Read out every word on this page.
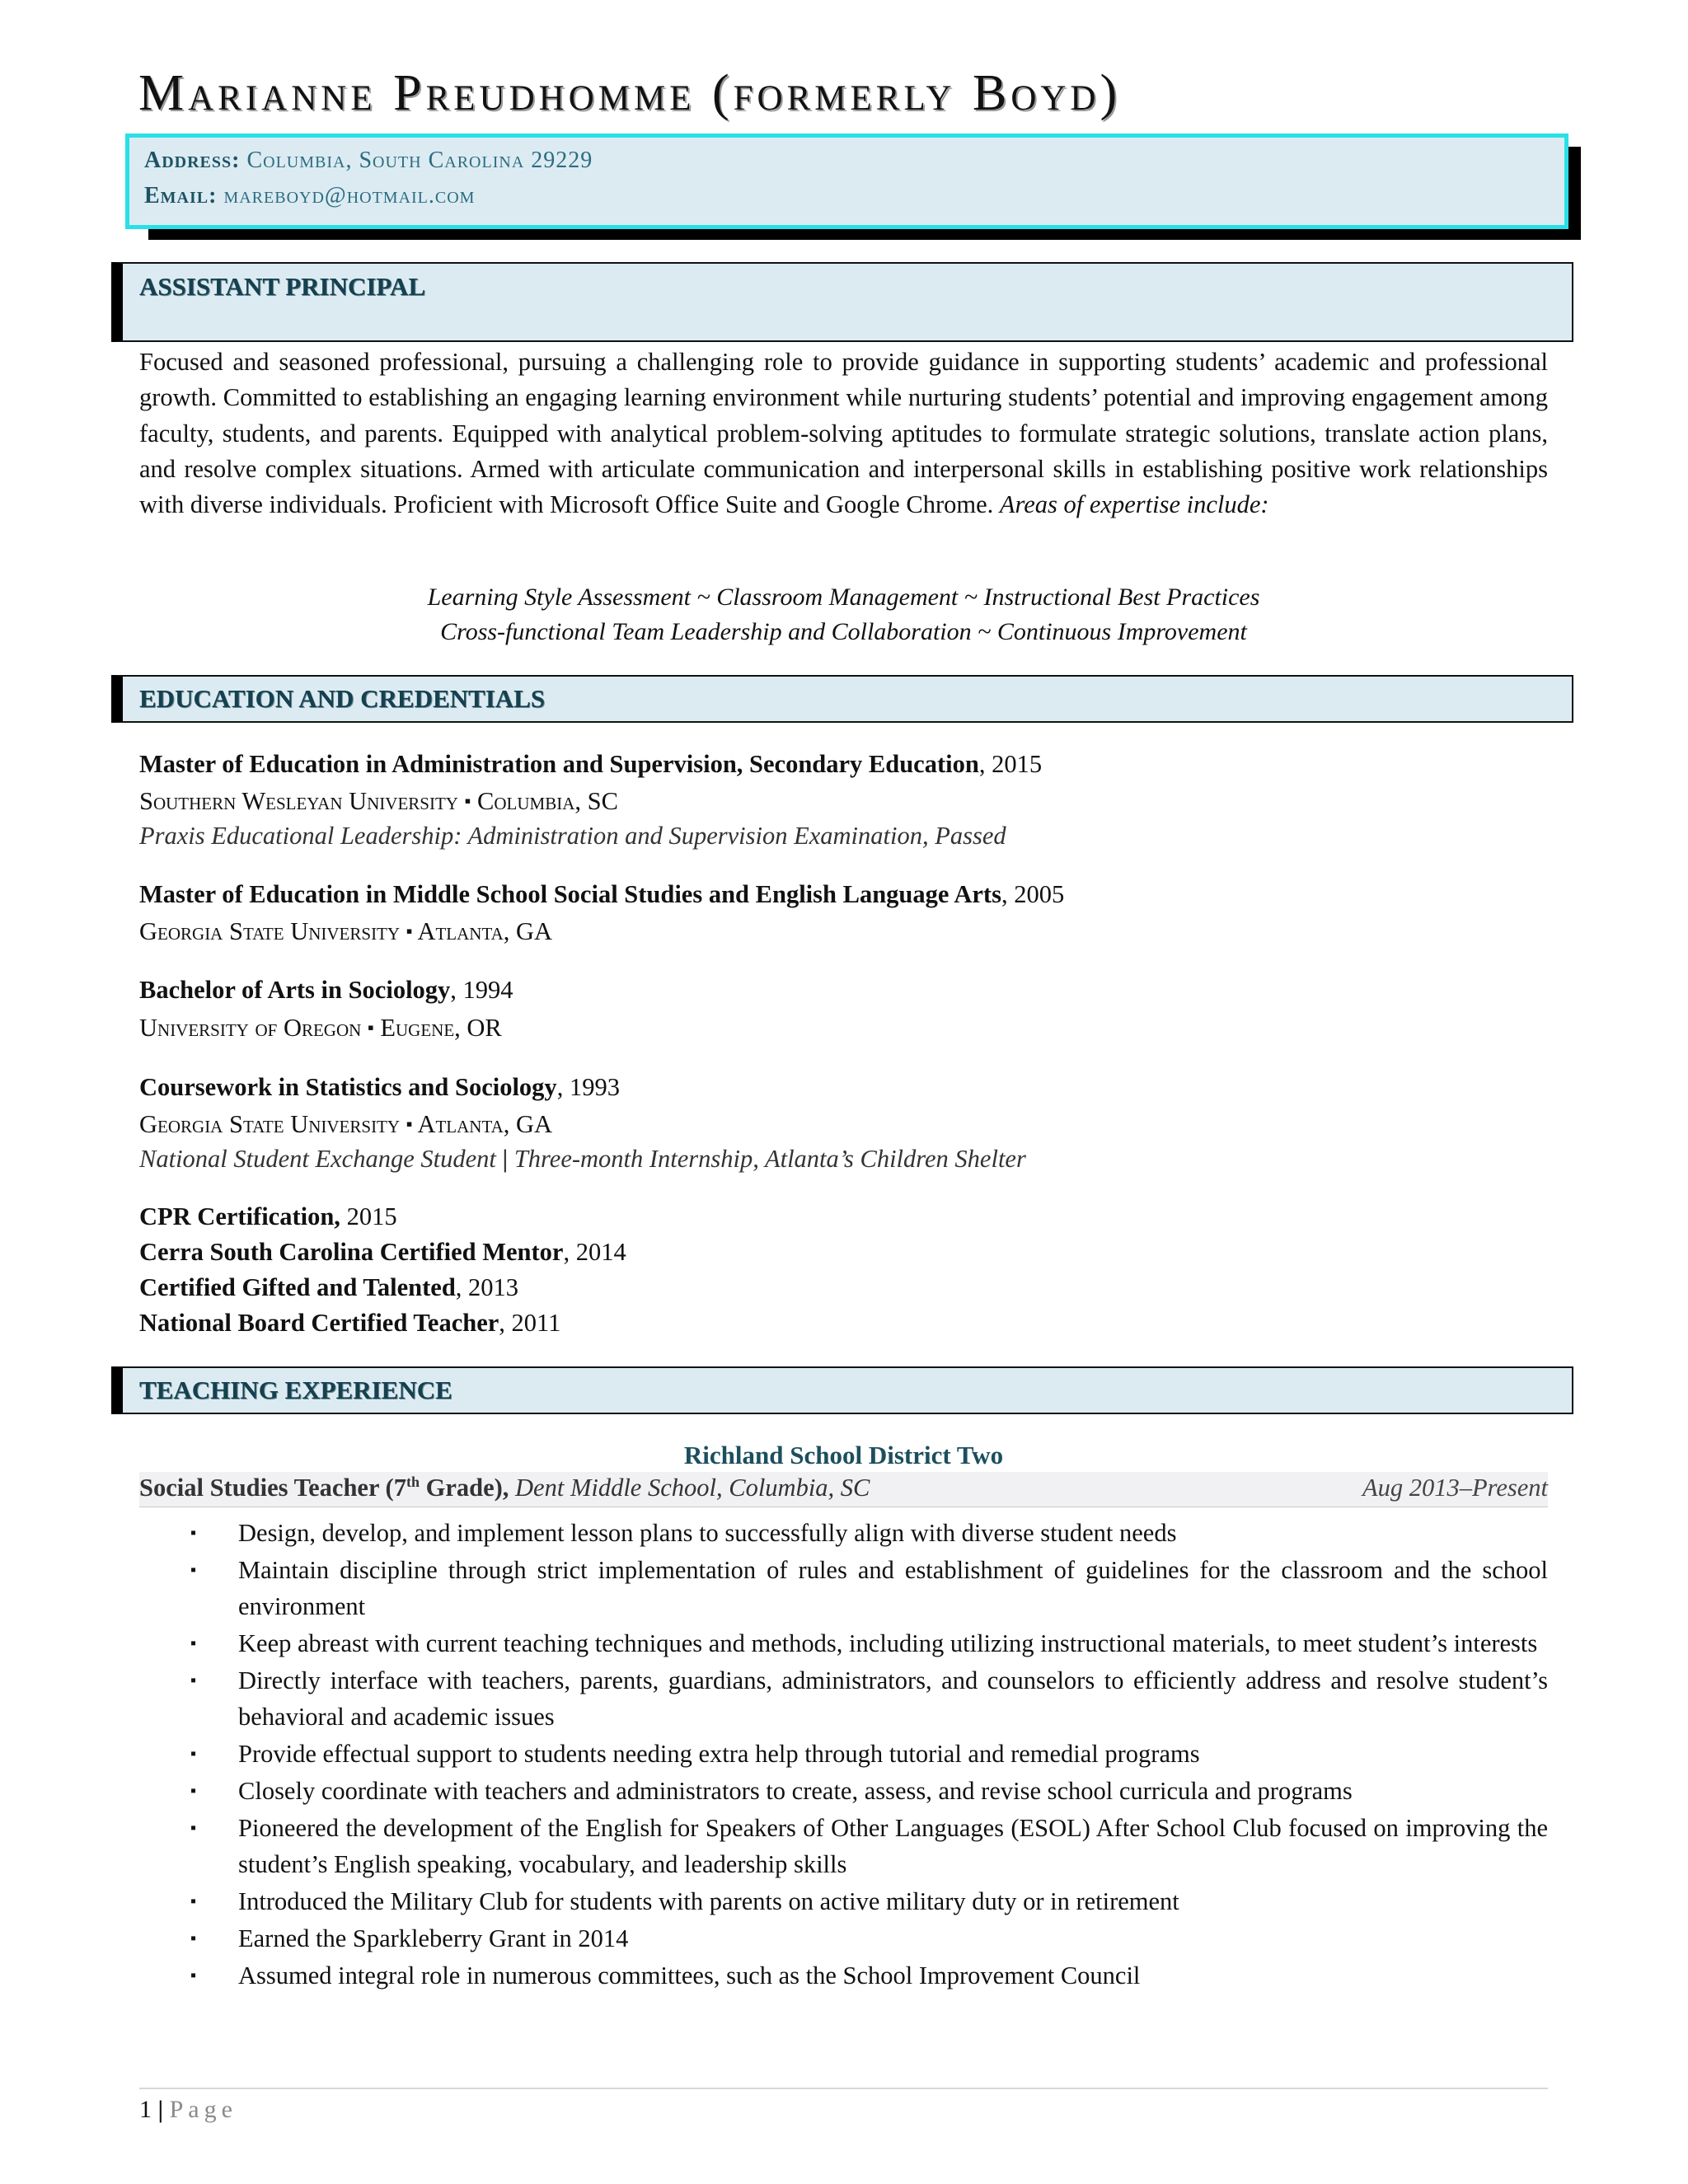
Marianne Preudhomme (formerly Boyd)
Address: Columbia, South Carolina 29229
Email: mareboyd@hotmail.com
ASSISTANT PRINCIPAL

Focused and seasoned professional, pursuing a challenging role to provide guidance in supporting students’ academic and professional growth. Committed to establishing an engaging learning environment while nurturing students’ potential and improving engagement among faculty, students, and parents. Equipped with analytical problem-solving aptitudes to formulate strategic solutions, translate action plans, and resolve complex situations. Armed with articulate communication and interpersonal skills in establishing positive work relationships with diverse individuals. Proficient with Microsoft Office Suite and Google Chrome. Areas of expertise include:

Learning Style Assessment ~ Classroom Management ~ Instructional Best Practices
Cross-functional Team Leadership and Collaboration ~ Continuous Improvement
EDUCATION AND CREDENTIALS
Master of Education in Administration and Supervision, Secondary Education, 2015
Southern Wesleyan University ▪ Columbia, SC
Praxis Educational Leadership: Administration and Supervision Examination, Passed
Master of Education in Middle School Social Studies and English Language Arts, 2005
Georgia State University ▪ Atlanta, GA
Bachelor of Arts in Sociology, 1994
University of Oregon ▪ Eugene, OR
Coursework in Statistics and Sociology, 1993
Georgia State University ▪ Atlanta, GA
National Student Exchange Student | Three-month Internship, Atlanta’s Children Shelter
CPR Certification, 2015
Cerra South Carolina Certified Mentor, 2014
Certified Gifted and Talented, 2013
National Board Certified Teacher, 2011
TEACHING EXPERIENCE
Richland School District Two
Social Studies Teacher (7th Grade), Dent Middle School, Columbia, SC	Aug 2013–Present
▪ Design, develop, and implement lesson plans to successfully align with diverse student needs
▪ Maintain discipline through strict implementation of rules and establishment of guidelines for the classroom and the school environment
▪ Keep abreast with current teaching techniques and methods, including utilizing instructional materials, to meet student’s interests
▪ Directly interface with teachers, parents, guardians, administrators, and counselors to efficiently address and resolve student’s behavioral and academic issues
▪ Provide effectual support to students needing extra help through tutorial and remedial programs
▪ Closely coordinate with teachers and administrators to create, assess, and revise school curricula and programs
▪ Pioneered the development of the English for Speakers of Other Languages (ESOL) After School Club focused on improving the student’s English speaking, vocabulary, and leadership skills
▪ Introduced the Military Club for students with parents on active military duty or in retirement
▪ Earned the Sparkleberry Grant in 2014
▪ Assumed integral role in numerous committees, such as the School Improvement Council
1 | Page
